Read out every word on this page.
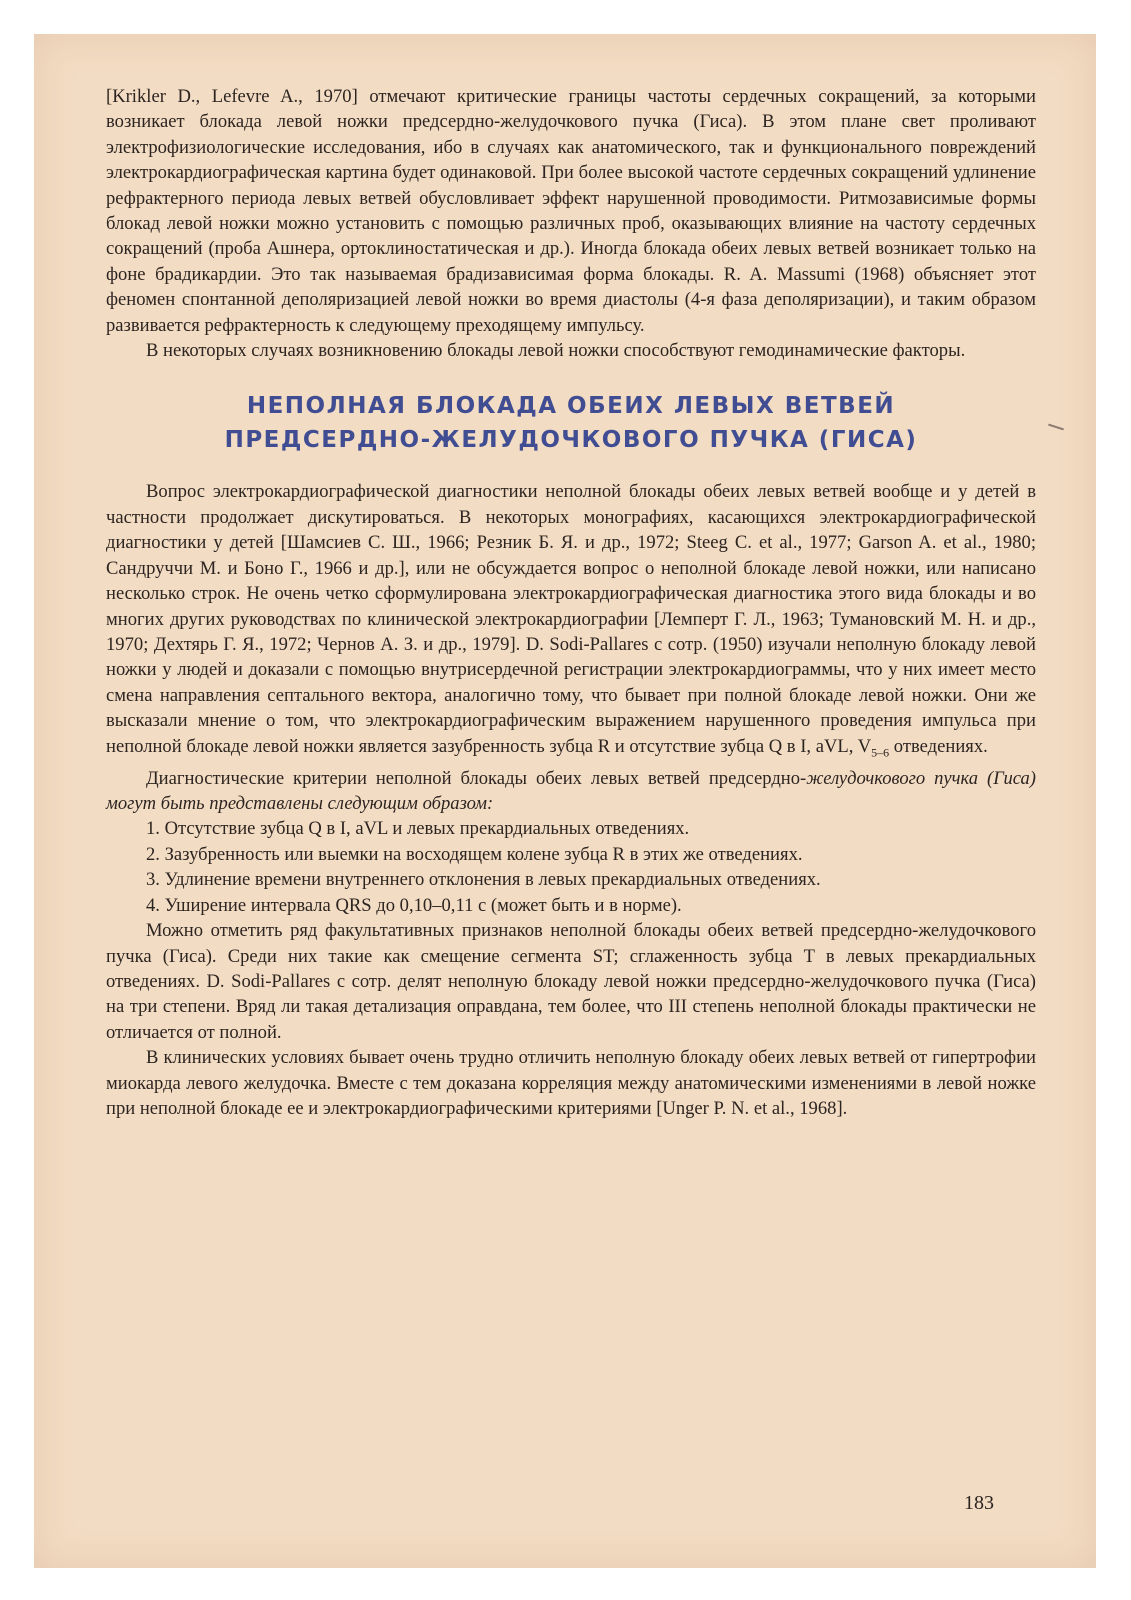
[Krikler D., Lefevre A., 1970] отмечают критические границы частоты сердечных сокращений, за которыми возникает блокада левой ножки предсердно-желудочкового пучка (Гиса). В этом плане свет проливают электрофизиологические исследования, ибо в случаях как анатомического, так и функционального повреждений электрокардиографическая картина будет одинаковой. При более высокой частоте сердечных сокращений удлинение рефрактерного периода левых ветвей обусловливает эффект нарушенной проводимости. Ритмозависимые формы блокад левой ножки можно установить с помощью различных проб, оказывающих влияние на частоту сердечных сокращений (проба Ашнера, ортоклиностатическая и др.). Иногда блокада обеих левых ветвей возникает только на фоне брадикардии. Это так называемая брадизависимая форма блокады. R. A. Massumi (1968) объясняет этот феномен спонтанной деполяризацией левой ножки во время диастолы (4-я фаза деполяризации), и таким образом развивается рефрактерность к следующему преходящему импульсу.

В некоторых случаях возникновению блокады левой ножки способствуют гемодинамические факторы.

НЕПОЛНАЯ БЛОКАДА ОБЕИХ ЛЕВЫХ ВЕТВЕЙ
ПРЕДСЕРДНО-ЖЕЛУДОЧКОВОГО ПУЧКА (ГИСА)

Вопрос электрокардиографической диагностики неполной блокады обеих левых ветвей вообще и у детей в частности продолжает дискутироваться. В некоторых монографиях, касающихся электрокардиографической диагностики у детей [Шамсиев С. Ш., 1966; Резник Б. Я. и др., 1972; Steeg C. et al., 1977; Garson A. et al., 1980; Сандруччи М. и Боно Г., 1966 и др.], или не обсуждается вопрос о неполной блокаде левой ножки, или написано несколько строк. Не очень четко сформулирована электрокардиографическая диагностика этого вида блокады и во многих других руководствах по клинической электрокардиографии [Лемперт Г. Л., 1963; Тумановский М. Н. и др., 1970; Дехтярь Г. Я., 1972; Чернов А. З. и др., 1979]. D. Sodi-Pallares с сотр. (1950) изучали неполную блокаду левой ножки у людей и доказали с помощью внутрисердечной регистрации электрокардиограммы, что у них имеет место смена направления септального вектора, аналогично тому, что бывает при полной блокаде левой ножки. Они же высказали мнение о том, что электрокардиографическим выражением нарушенного проведения импульса при неполной блокаде левой ножки является зазубренность зубца R и отсутствие зубца Q в I, aVL, $V_{5-6}$ отведениях.

Диагностические критерии неполной блокады обеих левых ветвей предсердно-желудочкового пучка (Гиса) могут быть представлены следующим образом:

1. Отсутствие зубца Q в I, aVL и левых прекардиальных отведениях.

2. Зазубренность или выемки на восходящем колене зубца R в этих же отведениях.

3. Удлинение времени внутреннего отклонения в левых прекардиальных отведениях.

4. Уширение интервала QRS до 0,10–0,11 с (может быть и в норме).

Можно отметить ряд факультативных признаков неполной блокады обеих ветвей предсердно-желудочкового пучка (Гиса). Среди них такие как смещение сегмента ST; сглаженность зубца T в левых прекардиальных отведениях. D. Sodi-Pallares с сотр. делят неполную блокаду левой ножки предсердно-желудочкового пучка (Гиса) на три степени. Вряд ли такая детализация оправдана, тем более, что III степень неполной блокады практически не отличается от полной.

В клинических условиях бывает очень трудно отличить неполную блокаду обеих левых ветвей от гипертрофии миокарда левого желудочка. Вместе с тем доказана корреляция между анатомическими изменениями в левой ножке при неполной блокаде ее и электрокардиографическими критериями [Unger P. N. et al., 1968].

183
